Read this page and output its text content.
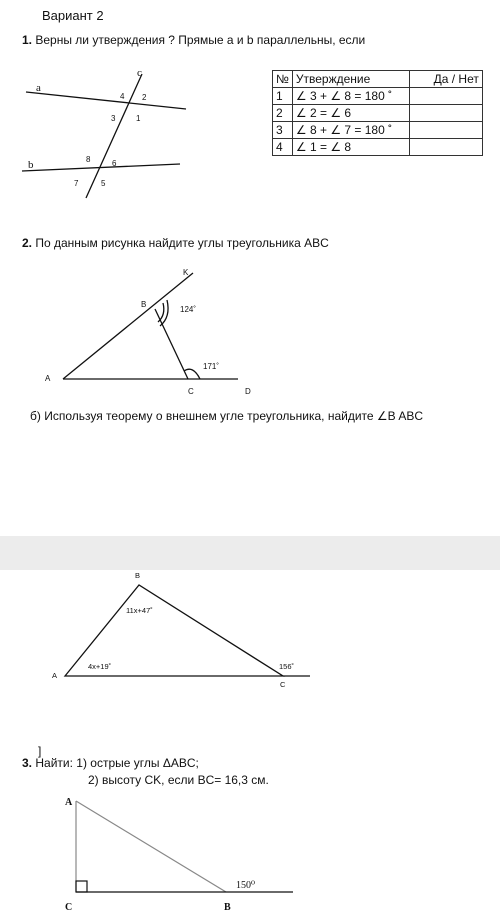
Вариант 2
1. Верны ли утверждения ? Прямые a и b параллельны, если
a
b
c
1
2
3
4
5
6
7
8
№	Утверждение	Да / Нет
1	∠ 3 + ∠ 8 = 180 ˚	
2	∠ 2 = ∠ 6	
3	∠ 8 + ∠ 7 = 180 ˚	
4	∠ 1 = ∠ 8	
2. По данным рисунка найдите углы треугольника ABC
K
B
A
C	D
124˚
171˚
б) Используя теорему о внешнем угле треугольника, найдите ∠B ABC
B
A
C
11x+47˚
4x+19˚	156˚
]
3. Найти: 1) острые углы ΔABC;
2) высоту CK, если BC= 16,3 см.
A
C	B
150⁰
